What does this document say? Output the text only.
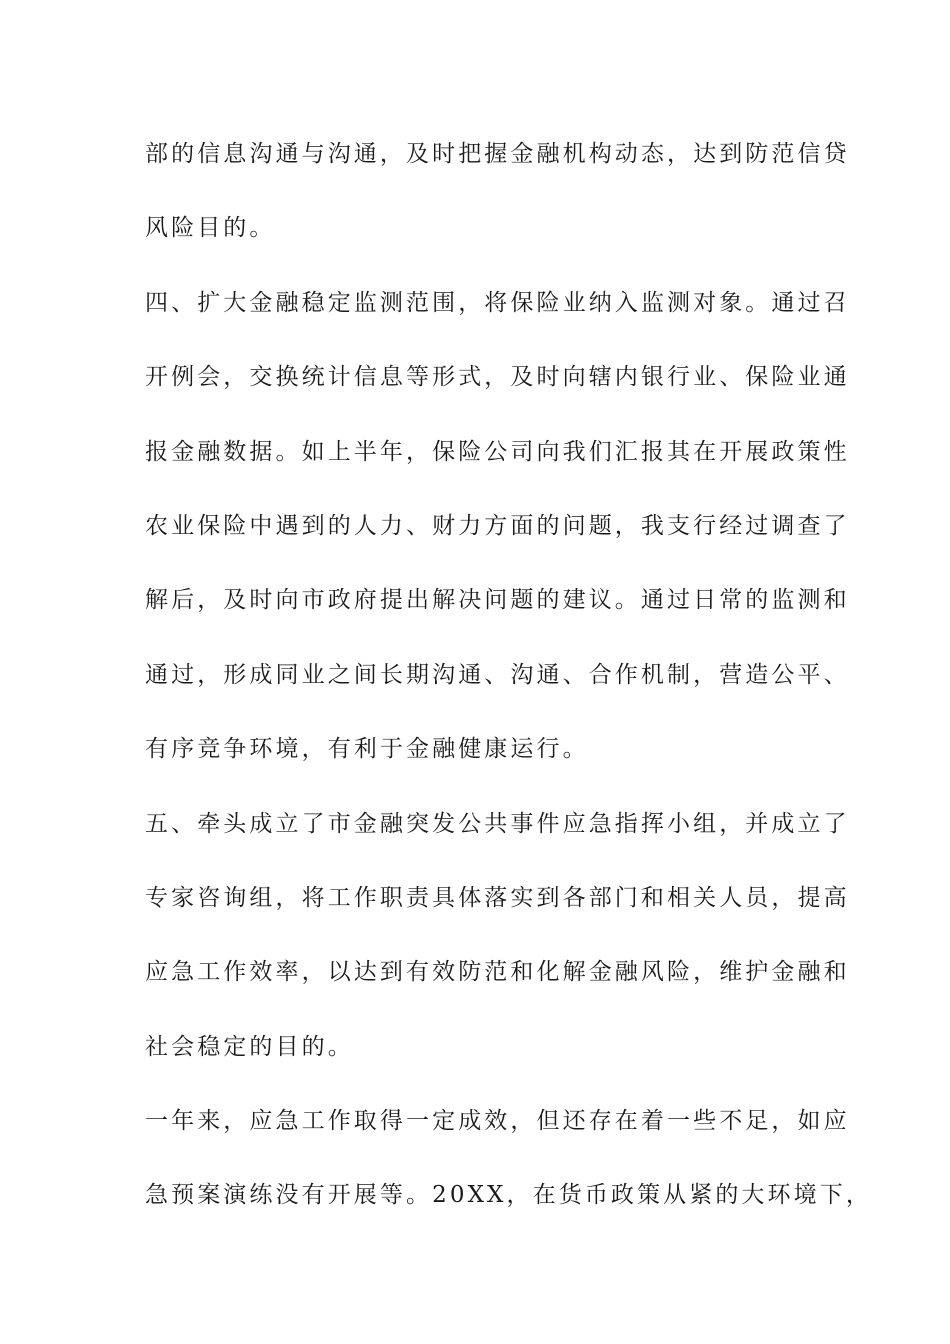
部的信息沟通与沟通，及时把握金融机构动态，达到防范信贷
风险目的。
四、扩大金融稳定监测范围，将保险业纳入监测对象。通过召
开例会，交换统计信息等形式，及时向辖内银行业、保险业通
报金融数据。如上半年，保险公司向我们汇报其在开展政策性
农业保险中遇到的人力、财力方面的问题，我支行经过调查了
解后，及时向市政府提出解决问题的建议。通过日常的监测和
通过，形成同业之间长期沟通、沟通、合作机制，营造公平、
有序竞争环境，有利于金融健康运行。
五、牵头成立了市金融突发公共事件应急指挥小组，并成立了
专家咨询组，将工作职责具体落实到各部门和相关人员，提高
应急工作效率，以达到有效防范和化解金融风险，维护金融和
社会稳定的目的。
一年来，应急工作取得一定成效，但还存在着一些不足，如应
急预案演练没有开展等。20XX，在货币政策从紧的大环境下，
